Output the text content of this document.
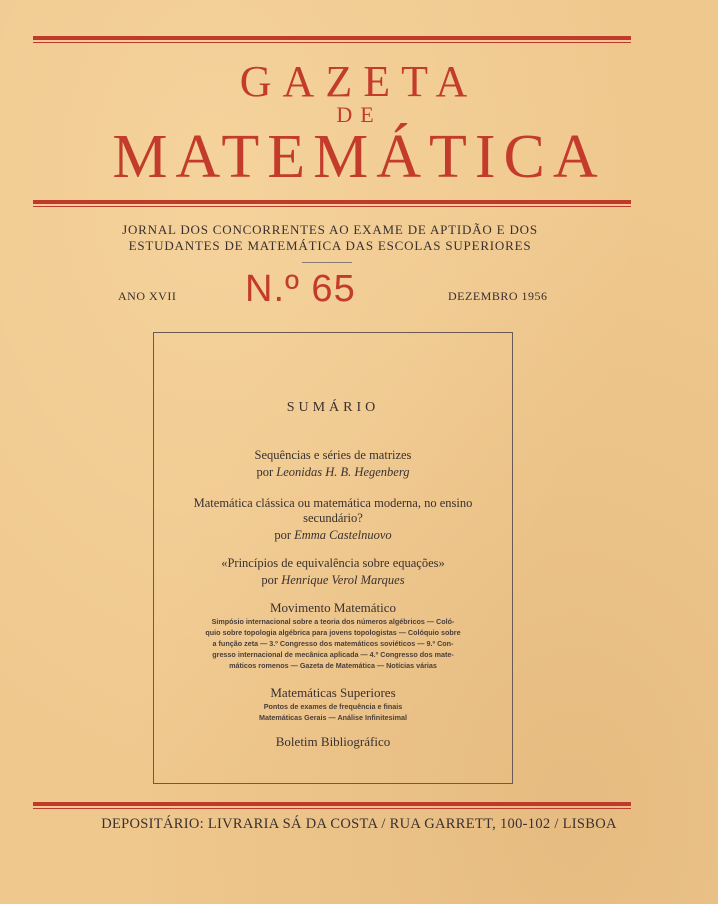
GAZETA
DE
MATEMÁTICA
JORNAL DOS CONCORRENTES AO EXAME DE APTIDÃO E DOS
ESTUDANTES DE MATEMÁTICA DAS ESCOLAS SUPERIORES
ANO XVII N.º 65	DEZEMBRO 1956
SUMÁRIO
Sequências e séries de matrizes
por Leonidas H. B. Hegenberg
Matemática clássica ou matemática moderna, no ensino
secundário?
por Emma Castelnuovo
«Princípios de equivalência sobre equações»
por Henrique Verol Marques
Movimento Matemático
Simpósio internacional sobre a teoria dos números algébricos — Coló-
quio sobre topologia algébrica para jovens topologistas — Colóquio sobre
a função zeta — 3.º Congresso dos matemáticos soviéticos — 9.º Con-
gresso internacional de mecânica aplicada — 4.º Congresso dos mate-
máticos romenos — Gazeta de Matemática — Notícias várias
Matemáticas Superiores
Pontos de exames de frequência e finais
Matemáticas Gerais — Análise Infinitesimal
Boletim Bibliográfico
DEPOSITÁRIO: LIVRARIA SÁ DA COSTA / RUA GARRETT, 100-102 / LISBOA
